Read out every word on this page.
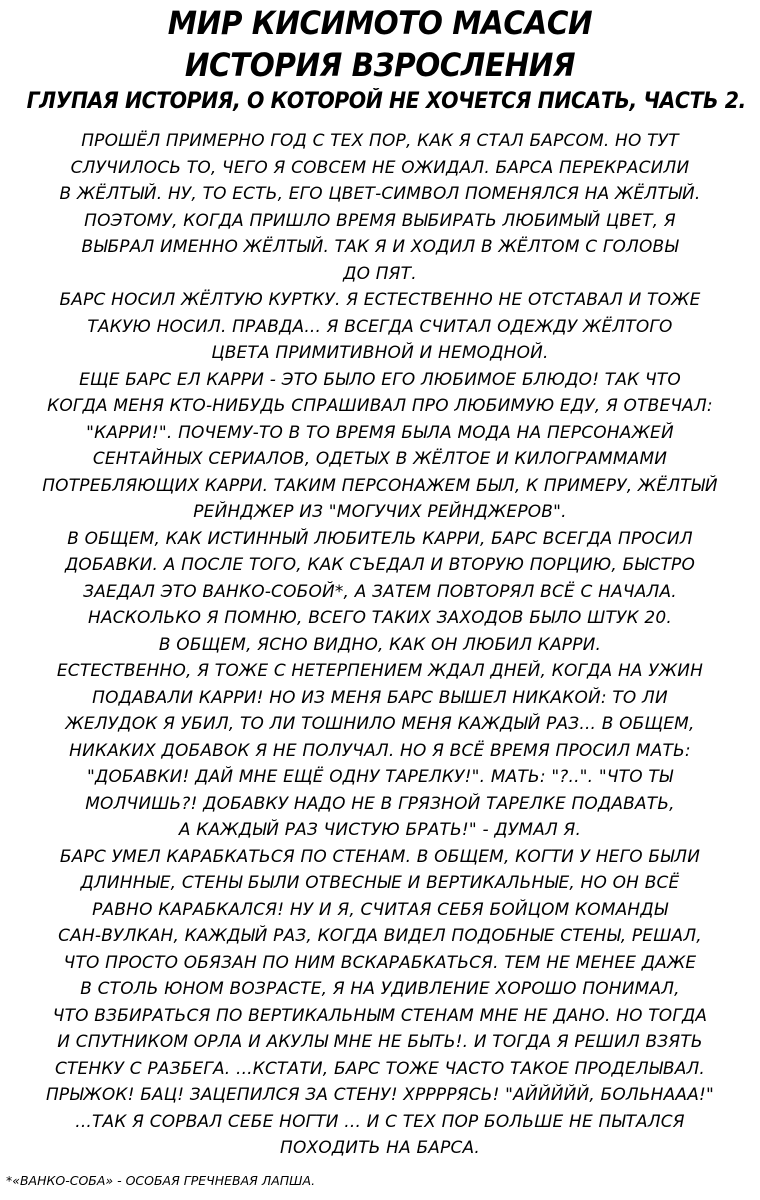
МИР КИСИМОТО МАСАСИ
ИСТОРИЯ ВЗРОСЛЕНИЯ
ГЛУПАЯ ИСТОРИЯ, О КОТОРОЙ НЕ ХОЧЕТСЯ ПИСАТЬ, ЧАСТЬ 2.
ПРОШЁЛ ПРИМЕРНО ГОД С ТЕХ ПОР, КАК Я СТАЛ БАРСОМ. НО ТУТ
СЛУЧИЛОСЬ ТО, ЧЕГО Я СОВСЕМ НЕ ОЖИДАЛ. БАРСА ПЕРЕКРАСИЛИ
В ЖЁЛТЫЙ. НУ, ТО ЕСТЬ, ЕГО ЦВЕТ-СИМВОЛ ПОМЕНЯЛСЯ НА ЖЁЛТЫЙ.
ПОЭТОМУ, КОГДА ПРИШЛО ВРЕМЯ ВЫБИРАТЬ ЛЮБИМЫЙ ЦВЕТ, Я
ВЫБРАЛ ИМЕННО ЖЁЛТЫЙ. ТАК Я И ХОДИЛ В ЖЁЛТОМ С ГОЛОВЫ
ДО ПЯТ.
БАРС НОСИЛ ЖЁЛТУЮ КУРТКУ. Я ЕСТЕСТВЕННО НЕ ОТСТАВАЛ И ТОЖЕ
ТАКУЮ НОСИЛ. ПРАВДА... Я ВСЕГДА СЧИТАЛ ОДЕЖДУ ЖЁЛТОГО
ЦВЕТА ПРИМИТИВНОЙ И НЕМОДНОЙ.
ЕЩЕ БАРС ЕЛ КАРРИ - ЭТО БЫЛО ЕГО ЛЮБИМОЕ БЛЮДО! ТАК ЧТО
КОГДА МЕНЯ КТО-НИБУДЬ СПРАШИВАЛ ПРО ЛЮБИМУЮ ЕДУ, Я ОТВЕЧАЛ:
"КАРРИ!". ПОЧЕМУ-ТО В ТО ВРЕМЯ БЫЛА МОДА НА ПЕРСОНАЖЕЙ
СЕНТАЙНЫХ СЕРИАЛОВ, ОДЕТЫХ В ЖЁЛТОЕ И КИЛОГРАММАМИ
ПОТРЕБЛЯЮЩИХ КАРРИ. ТАКИМ ПЕРСОНАЖЕМ БЫЛ, К ПРИМЕРУ, ЖЁЛТЫЙ
РЕЙНДЖЕР ИЗ "МОГУЧИХ РЕЙНДЖЕРОВ".
В ОБЩЕМ, КАК ИСТИННЫЙ ЛЮБИТЕЛЬ КАРРИ, БАРС ВСЕГДА ПРОСИЛ
ДОБАВКИ. А ПОСЛЕ ТОГО, КАК СЪЕДАЛ И ВТОРУЮ ПОРЦИЮ, БЫСТРО
ЗАЕДАЛ ЭТО ВАНКО-СОБОЙ*, А ЗАТЕМ ПОВТОРЯЛ ВСЁ С НАЧАЛА.
НАСКОЛЬКО Я ПОМНЮ, ВСЕГО ТАКИХ ЗАХОДОВ БЫЛО ШТУК 20.
В ОБЩЕМ, ЯСНО ВИДНО, КАК ОН ЛЮБИЛ КАРРИ.
ЕСТЕСТВЕННО, Я ТОЖЕ С НЕТЕРПЕНИЕМ ЖДАЛ ДНЕЙ, КОГДА НА УЖИН
ПОДАВАЛИ КАРРИ! НО ИЗ МЕНЯ БАРС ВЫШЕЛ НИКАКОЙ: ТО ЛИ
ЖЕЛУДОК Я УБИЛ, ТО ЛИ ТОШНИЛО МЕНЯ КАЖДЫЙ РАЗ... В ОБЩЕМ,
НИКАКИХ ДОБАВОК Я НЕ ПОЛУЧАЛ. НО Я ВСЁ ВРЕМЯ ПРОСИЛ МАТЬ:
"ДОБАВКИ! ДАЙ МНЕ ЕЩЁ ОДНУ ТАРЕЛКУ!". МАТЬ: "?..". "ЧТО ТЫ
МОЛЧИШЬ?! ДОБАВКУ НАДО НЕ В ГРЯЗНОЙ ТАРЕЛКЕ ПОДАВАТЬ,
А КАЖДЫЙ РАЗ ЧИСТУЮ БРАТЬ!" - ДУМАЛ Я.
БАРС УМЕЛ КАРАБКАТЬСЯ ПО СТЕНАМ. В ОБЩЕМ, КОГТИ У НЕГО БЫЛИ
ДЛИННЫЕ, СТЕНЫ БЫЛИ ОТВЕСНЫЕ И ВЕРТИКАЛЬНЫЕ, НО ОН ВСЁ
РАВНО КАРАБКАЛСЯ! НУ И Я, СЧИТАЯ СЕБЯ БОЙЦОМ КОМАНДЫ
САН-ВУЛКАН, КАЖДЫЙ РАЗ, КОГДА ВИДЕЛ ПОДОБНЫЕ СТЕНЫ, РЕШАЛ,
ЧТО ПРОСТО ОБЯЗАН ПО НИМ ВСКАРАБКАТЬСЯ. ТЕМ НЕ МЕНЕЕ ДАЖЕ
В СТОЛЬ ЮНОМ ВОЗРАСТЕ, Я НА УДИВЛЕНИЕ ХОРОШО ПОНИМАЛ,
ЧТО ВЗБИРАТЬСЯ ПО ВЕРТИКАЛЬНЫМ СТЕНАМ МНЕ НЕ ДАНО. НО ТОГДА
И СПУТНИКОМ ОРЛА И АКУЛЫ МНЕ НЕ БЫТЬ!. И ТОГДА Я РЕШИЛ ВЗЯТЬ
СТЕНКУ С РАЗБЕГА. ...КСТАТИ, БАРС ТОЖЕ ЧАСТО ТАКОЕ ПРОДЕЛЫВАЛ.
ПРЫЖОК! БАЦ! ЗАЦЕПИЛСЯ ЗА СТЕНУ! ХРРРРЯСЬ! "АЙЙЙЙЙ, БОЛЬНААА!"
...ТАК Я СОРВАЛ СЕБЕ НОГТИ ... И С ТЕХ ПОР БОЛЬШЕ НЕ ПЫТАЛСЯ
ПОХОДИТЬ НА БАРСА.
*«ВАНКО-СОБА» - ОСОБАЯ ГРЕЧНЕВАЯ ЛАПША.
